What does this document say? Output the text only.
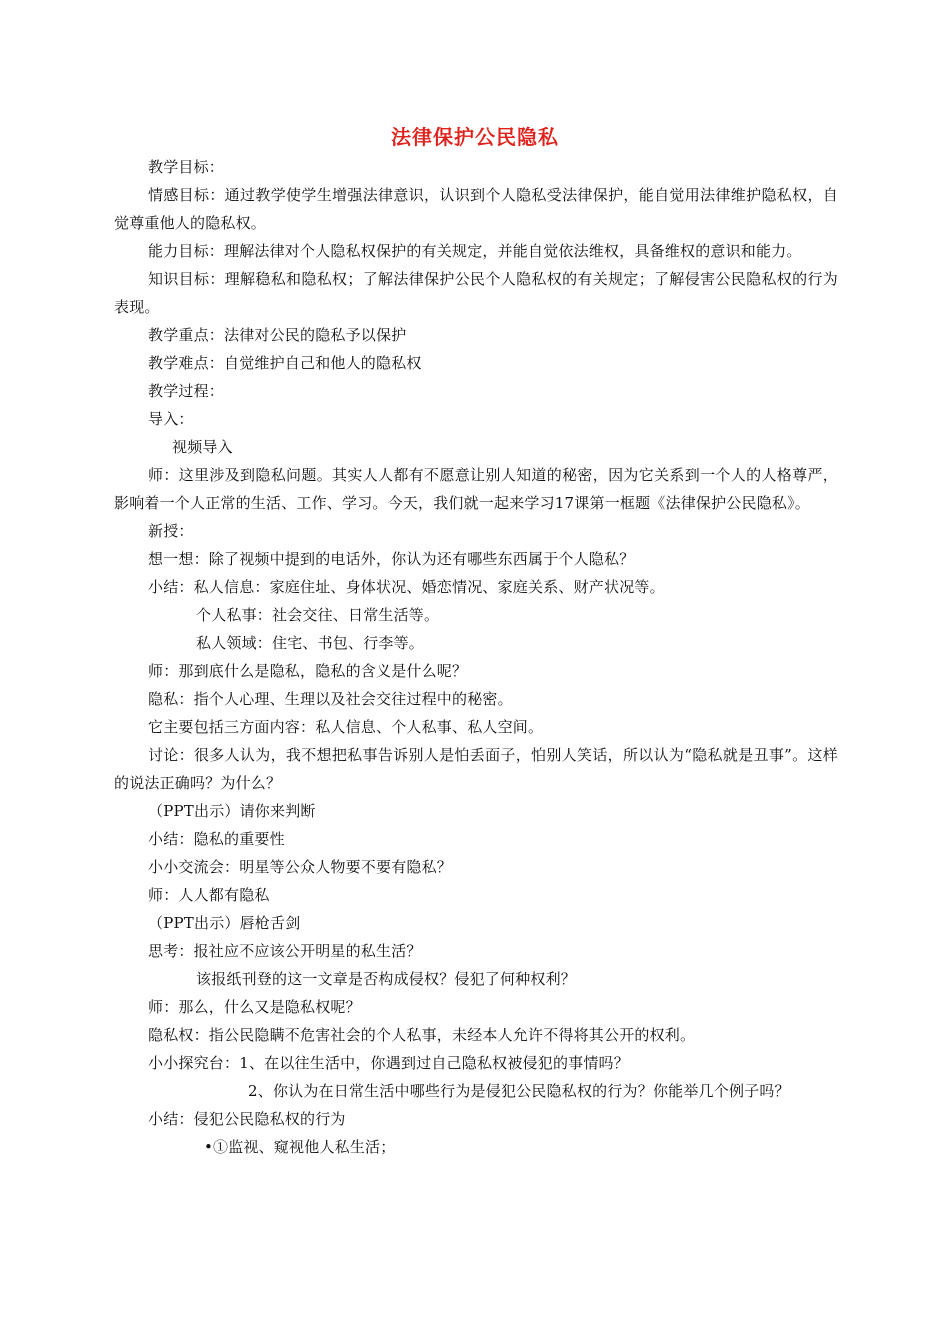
法律保护公民隐私
教学目标：
情感目标：通过教学使学生增强法律意识，认识到个人隐私受法律保护，能自觉用法律维护隐私权，自觉尊重他人的隐私权。
能力目标：理解法律对个人隐私权保护的有关规定，并能自觉依法维权，具备维权的意识和能力。
知识目标：理解稳私和隐私权；了解法律保护公民个人隐私权的有关规定；了解侵害公民隐私权的行为表现。
教学重点：法律对公民的隐私予以保护
教学难点：自觉维护自己和他人的隐私权
教学过程：
导入：
视频导入
师：这里涉及到隐私问题。其实人人都有不愿意让别人知道的秘密，因为它关系到一个人的人格尊严，影响着一个人正常的生活、工作、学习。今天，我们就一起来学习17课第一框题《法律保护公民隐私》。
新授：
想一想：除了视频中提到的电话外，你认为还有哪些东西属于个人隐私？
小结：私人信息：家庭住址、身体状况、婚恋情况、家庭关系、财产状况等。
个人私事：社会交往、日常生活等。
私人领域：住宅、书包、行李等。
师：那到底什么是隐私，隐私的含义是什么呢？
隐私：指个人心理、生理以及社会交往过程中的秘密。
它主要包括三方面内容：私人信息、个人私事、私人空间。
讨论：很多人认为，我不想把私事告诉别人是怕丢面子，怕别人笑话，所以认为“隐私就是丑事”。这样的说法正确吗？为什么？
（PPT出示）请你来判断
小结：隐私的重要性
小小交流会：明星等公众人物要不要有隐私？
师：人人都有隐私
（PPT出示）唇枪舌剑
思考：报社应不应该公开明星的私生活？
该报纸刊登的这一文章是否构成侵权？侵犯了何种权利？
师：那么，什么又是隐私权呢？
隐私权：指公民隐瞒不危害社会的个人私事，未经本人允许不得将其公开的权利。
小小探究台：1、在以往生活中，你遇到过自己隐私权被侵犯的事情吗？
2、你认为在日常生活中哪些行为是侵犯公民隐私权的行为？你能举几个例子吗？
小结：侵犯公民隐私权的行为
•①监视、窥视他人私生活；
